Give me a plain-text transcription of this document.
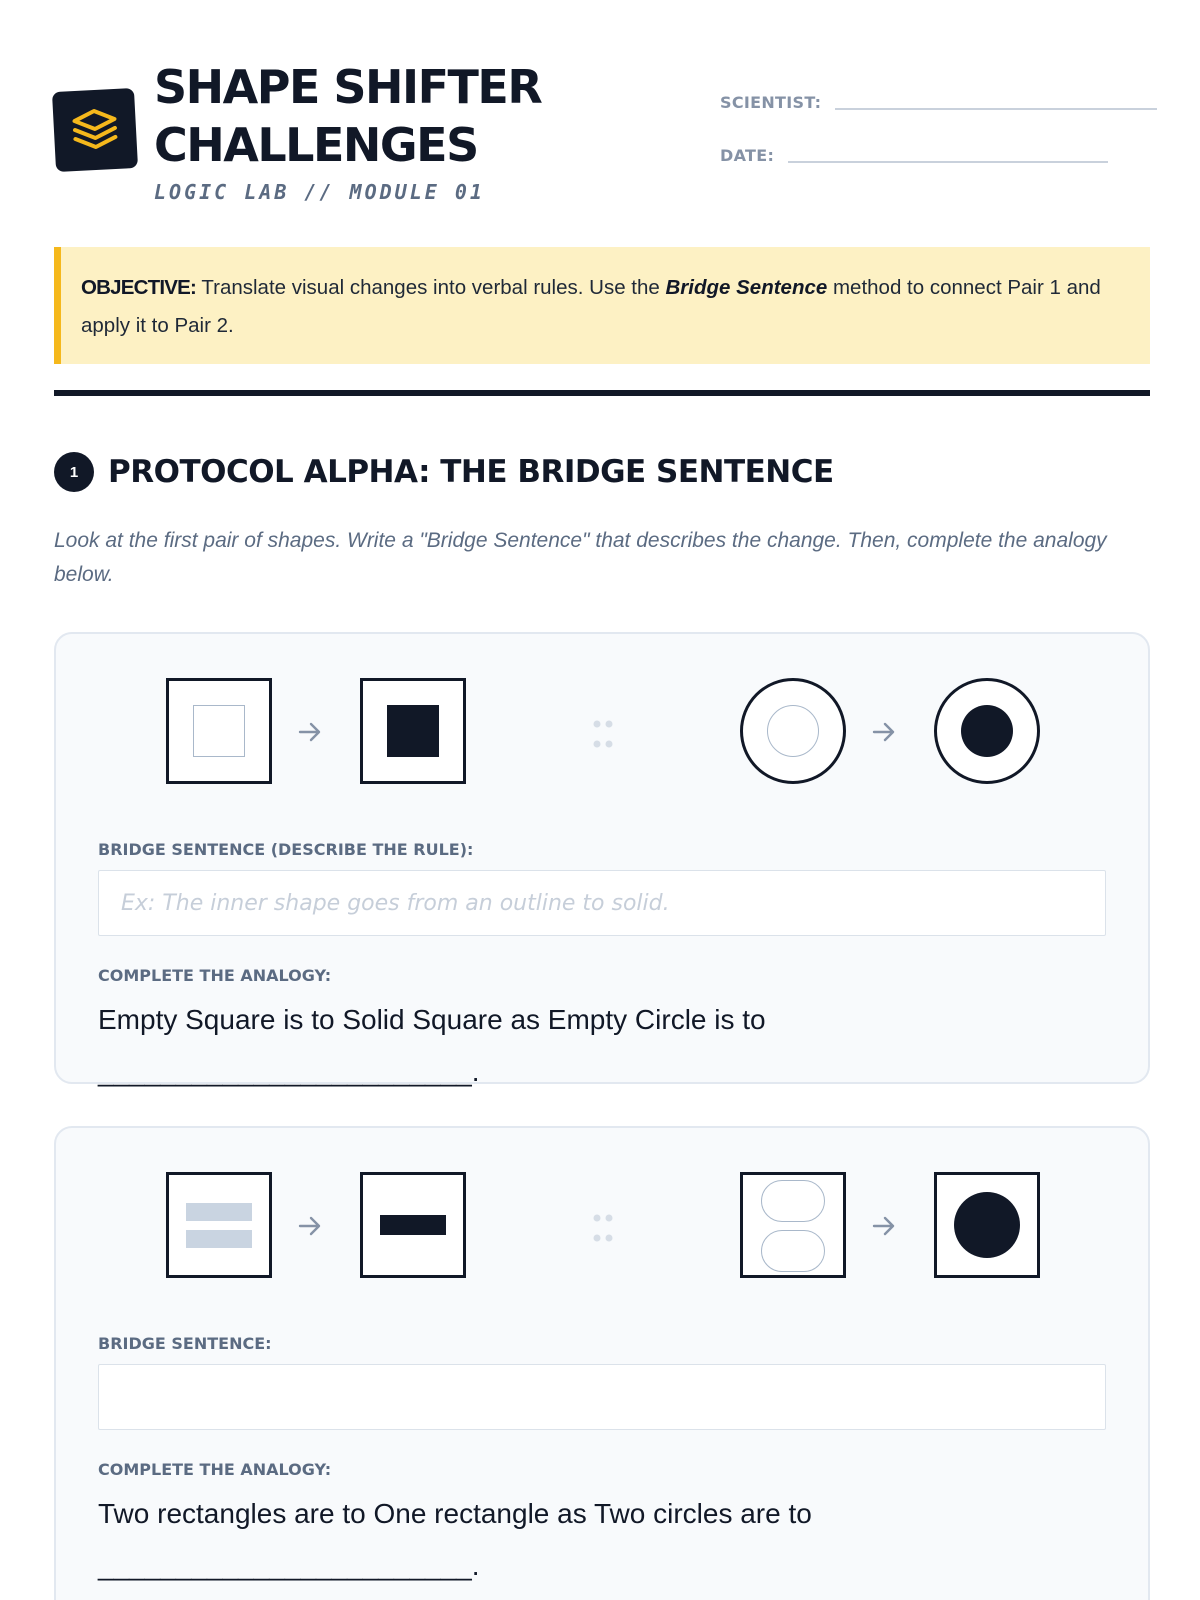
SHAPE SHIFTER
CHALLENGES
LOGIC LAB // MODULE 01
SCIENTIST:
DATE:
OBJECTIVE: Translate visual changes into verbal rules. Use the Bridge Sentence method to connect Pair 1 and apply it to Pair 2.
1 PROTOCOL ALPHA: THE BRIDGE SENTENCE
Look at the first pair of shapes. Write a "Bridge Sentence" that describes the change. Then, complete the analogy below.
BRIDGE SENTENCE (DESCRIBE THE RULE):
Ex: The inner shape goes from an outline to solid.
COMPLETE THE ANALOGY:
Empty Square is to Solid Square as Empty Circle is to ________________________.
BRIDGE SENTENCE:
COMPLETE THE ANALOGY:
Two rectangles are to One rectangle as Two circles are to ________________________.
